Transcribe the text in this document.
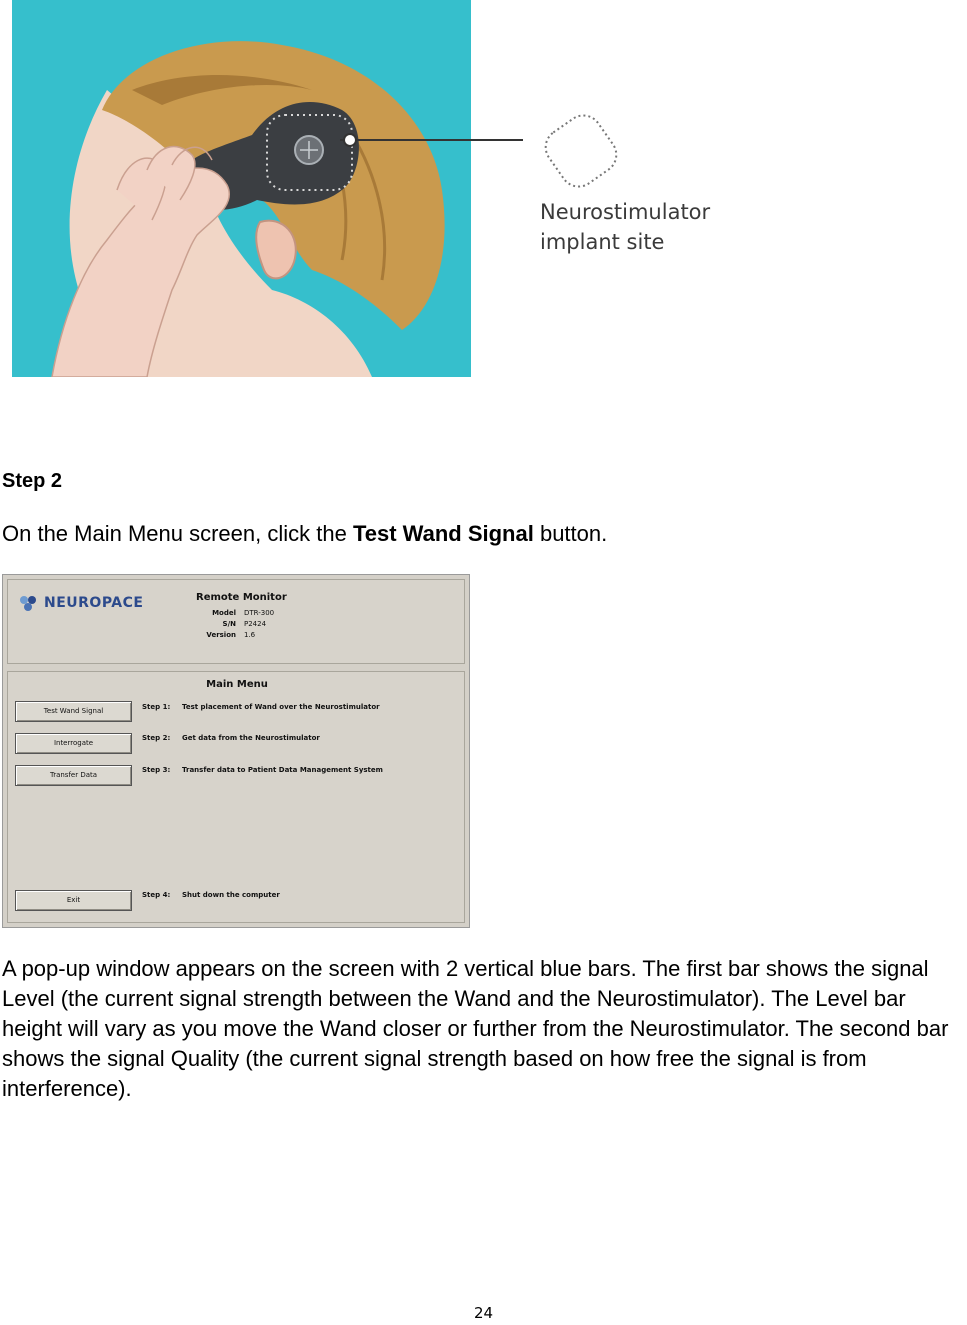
Neurostimulator
implant site
Step 2
On the Main Menu screen, click the Test Wand Signal button.
NEUROPACE	Remote Monitor
Model DTR-300
S/N P2424
Version 1.6
Main Menu
Test Wand Signal	Step 1: Test placement of Wand over the Neurostimulator
Interrogate
Step 2: Get data from the Neurostimulator
Transfer Data
Step 3: Transfer data to Patient Data Management System
Exit
Step 4: Shut down the computer

A pop-up window appears on the screen with 2 vertical blue bars. The first bar shows the signal Level (the current signal strength between the Wand and the Neurostimulator). The Level bar height will vary as you move the Wand closer or further from the Neurostimulator. The second bar shows the signal Quality (the current signal strength based on how free the signal is from interference).

24
